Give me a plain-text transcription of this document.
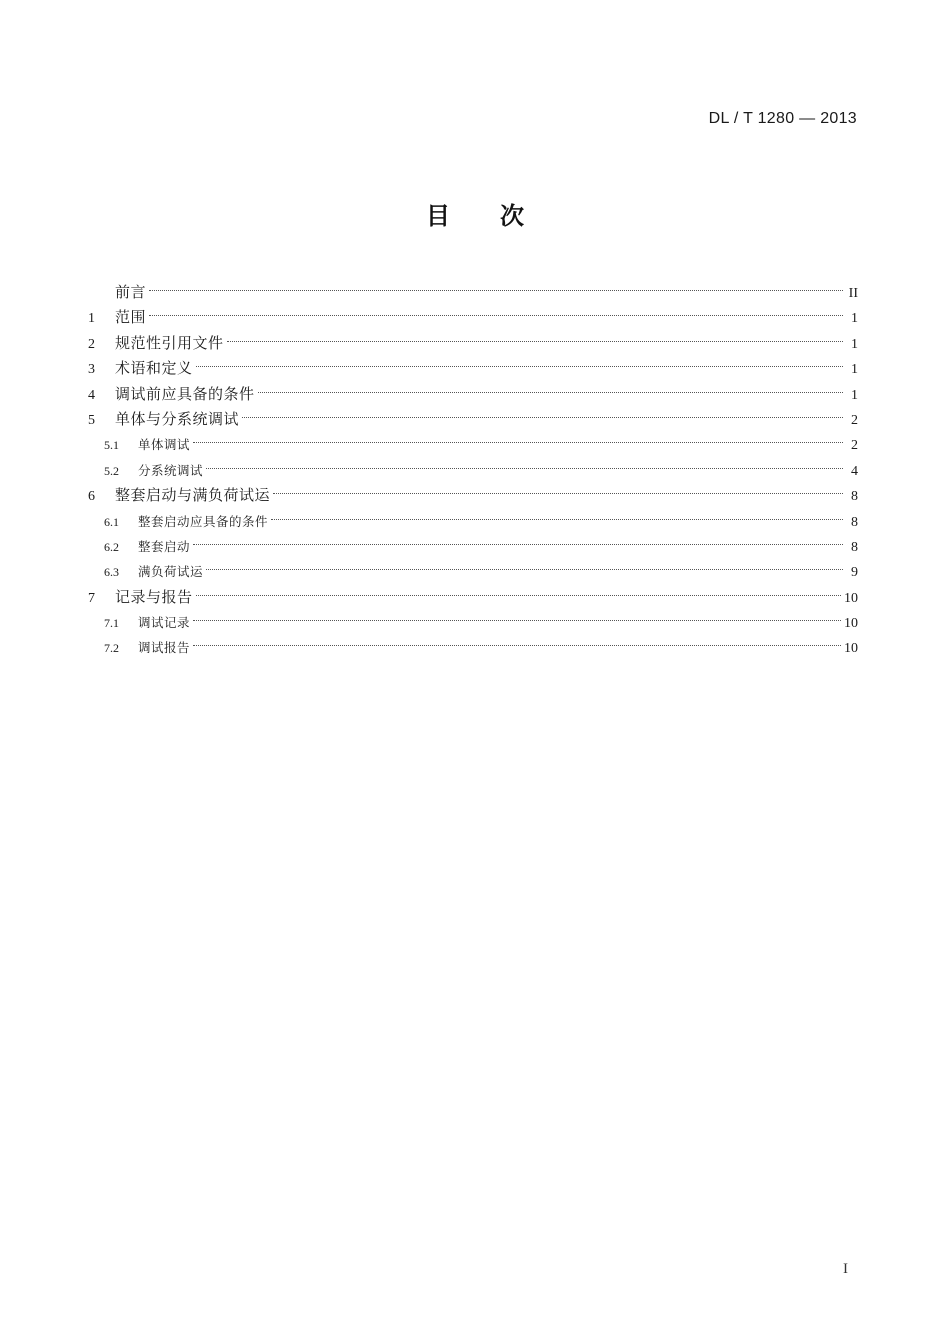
DL / T 1280 — 2013
目次
前言	II
1	范围	1
2	规范性引用文件	1
3	术语和定义	1
4	调试前应具备的条件	1
5	单体与分系统调试	2
5.1	单体调试	2
5.2	分系统调试	4
6	整套启动与满负荷试运	8
6.1	整套启动应具备的条件	8
6.2	整套启动	8
6.3	满负荷试运	9
7	记录与报告	10
7.1	调试记录	10
7.2	调试报告	10
I
